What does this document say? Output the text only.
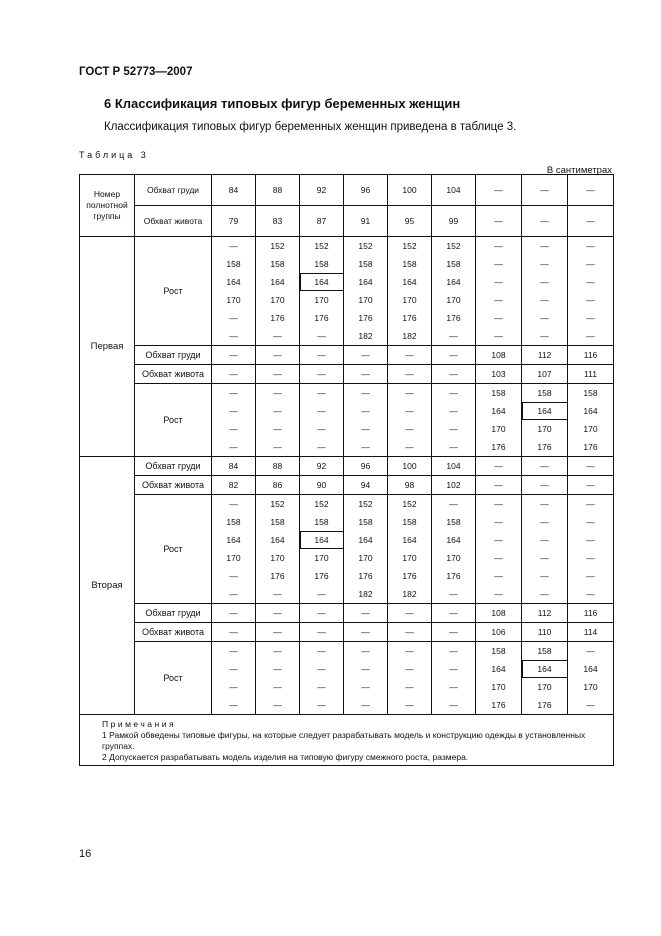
ГОСТ Р 52773—2007
6 Классификация типовых фигур беременных женщин
Классификация типовых фигур беременных женщин приведена в таблице 3.
Таблица 3
В сантиметрах
Номер полнотной группы	Обхват груди	84	88	92	96	100	104	—	—	—
	Обхват живота	79	83	87	91	95	99	—	—	—
Первая	Рост	—	152	152	152	152	152	—	—	—
		158	158	158	158	158	158	—	—	—
		164	164	164	164	164	164	—	—	—
		170	170	170	170	170	170	—	—	—
		—	176	176	176	176	176	—	—	—
		—	—	—	182	182	—	—	—	—
	Обхват груди	—	—	—	—	—	—	108	112	116
	Обхват живота	—	—	—	—	—	—	103	107	111
	Рост	—	—	—	—	—	—	158	158	158
		—	—	—	—	—	—	164	164	164
		—	—	—	—	—	—	170	170	170
		—	—	—	—	—	—	176	176	176
Вторая	Обхват груди	84	88	92	96	100	104	—	—	—
	Обхват живота	82	86	90	94	98	102	—	—	—
	Рост	—	152	152	152	152	—	—	—	—
		158	158	158	158	158	158	—	—	—
		164	164	164	164	164	164	—	—	—
		170	170	170	170	170	170	—	—	—
		—	176	176	176	176	176	—	—	—
		—	—	—	182	182	—	—	—	—
	Обхват груди	—	—	—	—	—	—	108	112	116
	Обхват живота	—	—	—	—	—	—	106	110	114
	Рост	—	—	—	—	—	—	158	158	—
		—	—	—	—	—	—	164	164	164
		—	—	—	—	—	—	170	170	170
		—	—	—	—	—	—	176	176	—

Примечания
1 Рамкой обведены типовые фигуры, на которые следует разрабатывать модель и конструкцию одежды в установленных группах.
2 Допускается разрабатывать модель изделия на типовую фигуру смежного роста, размера.										
16
